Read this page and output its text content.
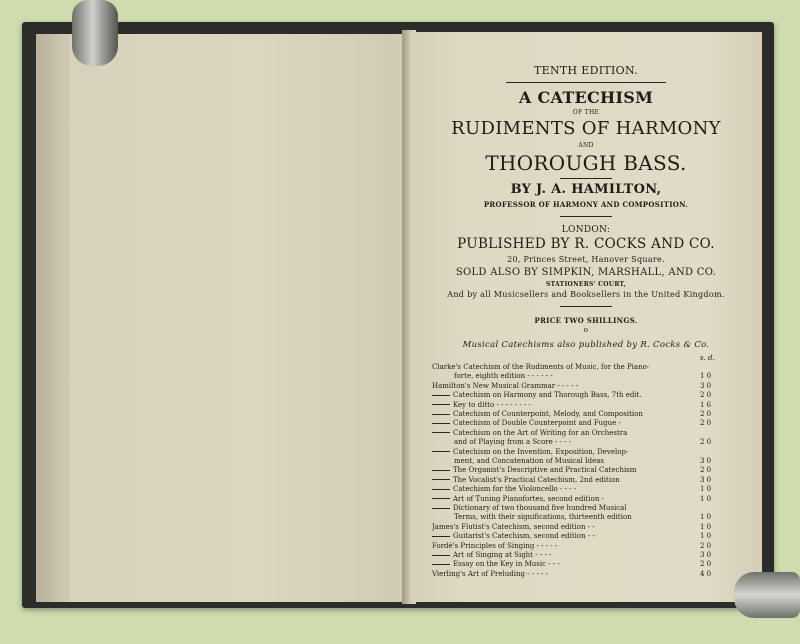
TENTH EDITION.
A CATECHISM
OF THE
RUDIMENTS OF HARMONY
AND
THOROUGH BASS.
BY J. A. HAMILTON,
PROFESSOR OF HARMONY AND COMPOSITION.
LONDON:
PUBLISHED BY R. COCKS AND CO.
20, Princes Street, Hanover Square.
SOLD ALSO BY SIMPKIN, MARSHALL, AND CO.
STATIONERS' COURT,
And by all Musicsellers and Booksellers in the United Kingdom.
PRICE TWO SHILLINGS.
o
Musical Catechisms also published by R. Cocks & Co.
s. d.
Clarke's Catechism of the Rudiments of Music, for the Piano-
forte, eighth edition - - - - - -	1 0
Hamilton's New Musical Grammar - - - - -	3 0
Catechism on Harmony and Thorough Bass, 7th edit.	2 0
Key to ditto - - - - - - - -	1 6
Catechism of Counterpoint, Melody, and Composition	2 0
Catechism of Double Counterpoint and Fugue -	2 0
Catechism on the Art of Writing for an Orchestra
and of Playing from a Score - - - -	2 0
Catechism on the Invention, Exposition, Develop-
ment, and Concatenation of Musical Ideas	3 0
The Organist's Descriptive and Practical Catechism	2 0
The Vocalist's Practical Catechism, 2nd edition	3 0
Catechism for the Violoncello - - - -	1 0
Art of Tuning Pianofortes, second edition -	1 0
Dictionary of two thousand five hundred Musical
Terms, with their significations, thirteenth edition	1 0
James's Flutist's Catechism, second edition - -	1 0
Guitarist's Catechism, second edition - -	1 0
Fordé's Principles of Singing - - - - -	2 0
Art of Singing at Sight - - - -	3 0
Essay on the Key in Music - - -	2 0
Vierling's Art of Preluding - - - - -	4 0
